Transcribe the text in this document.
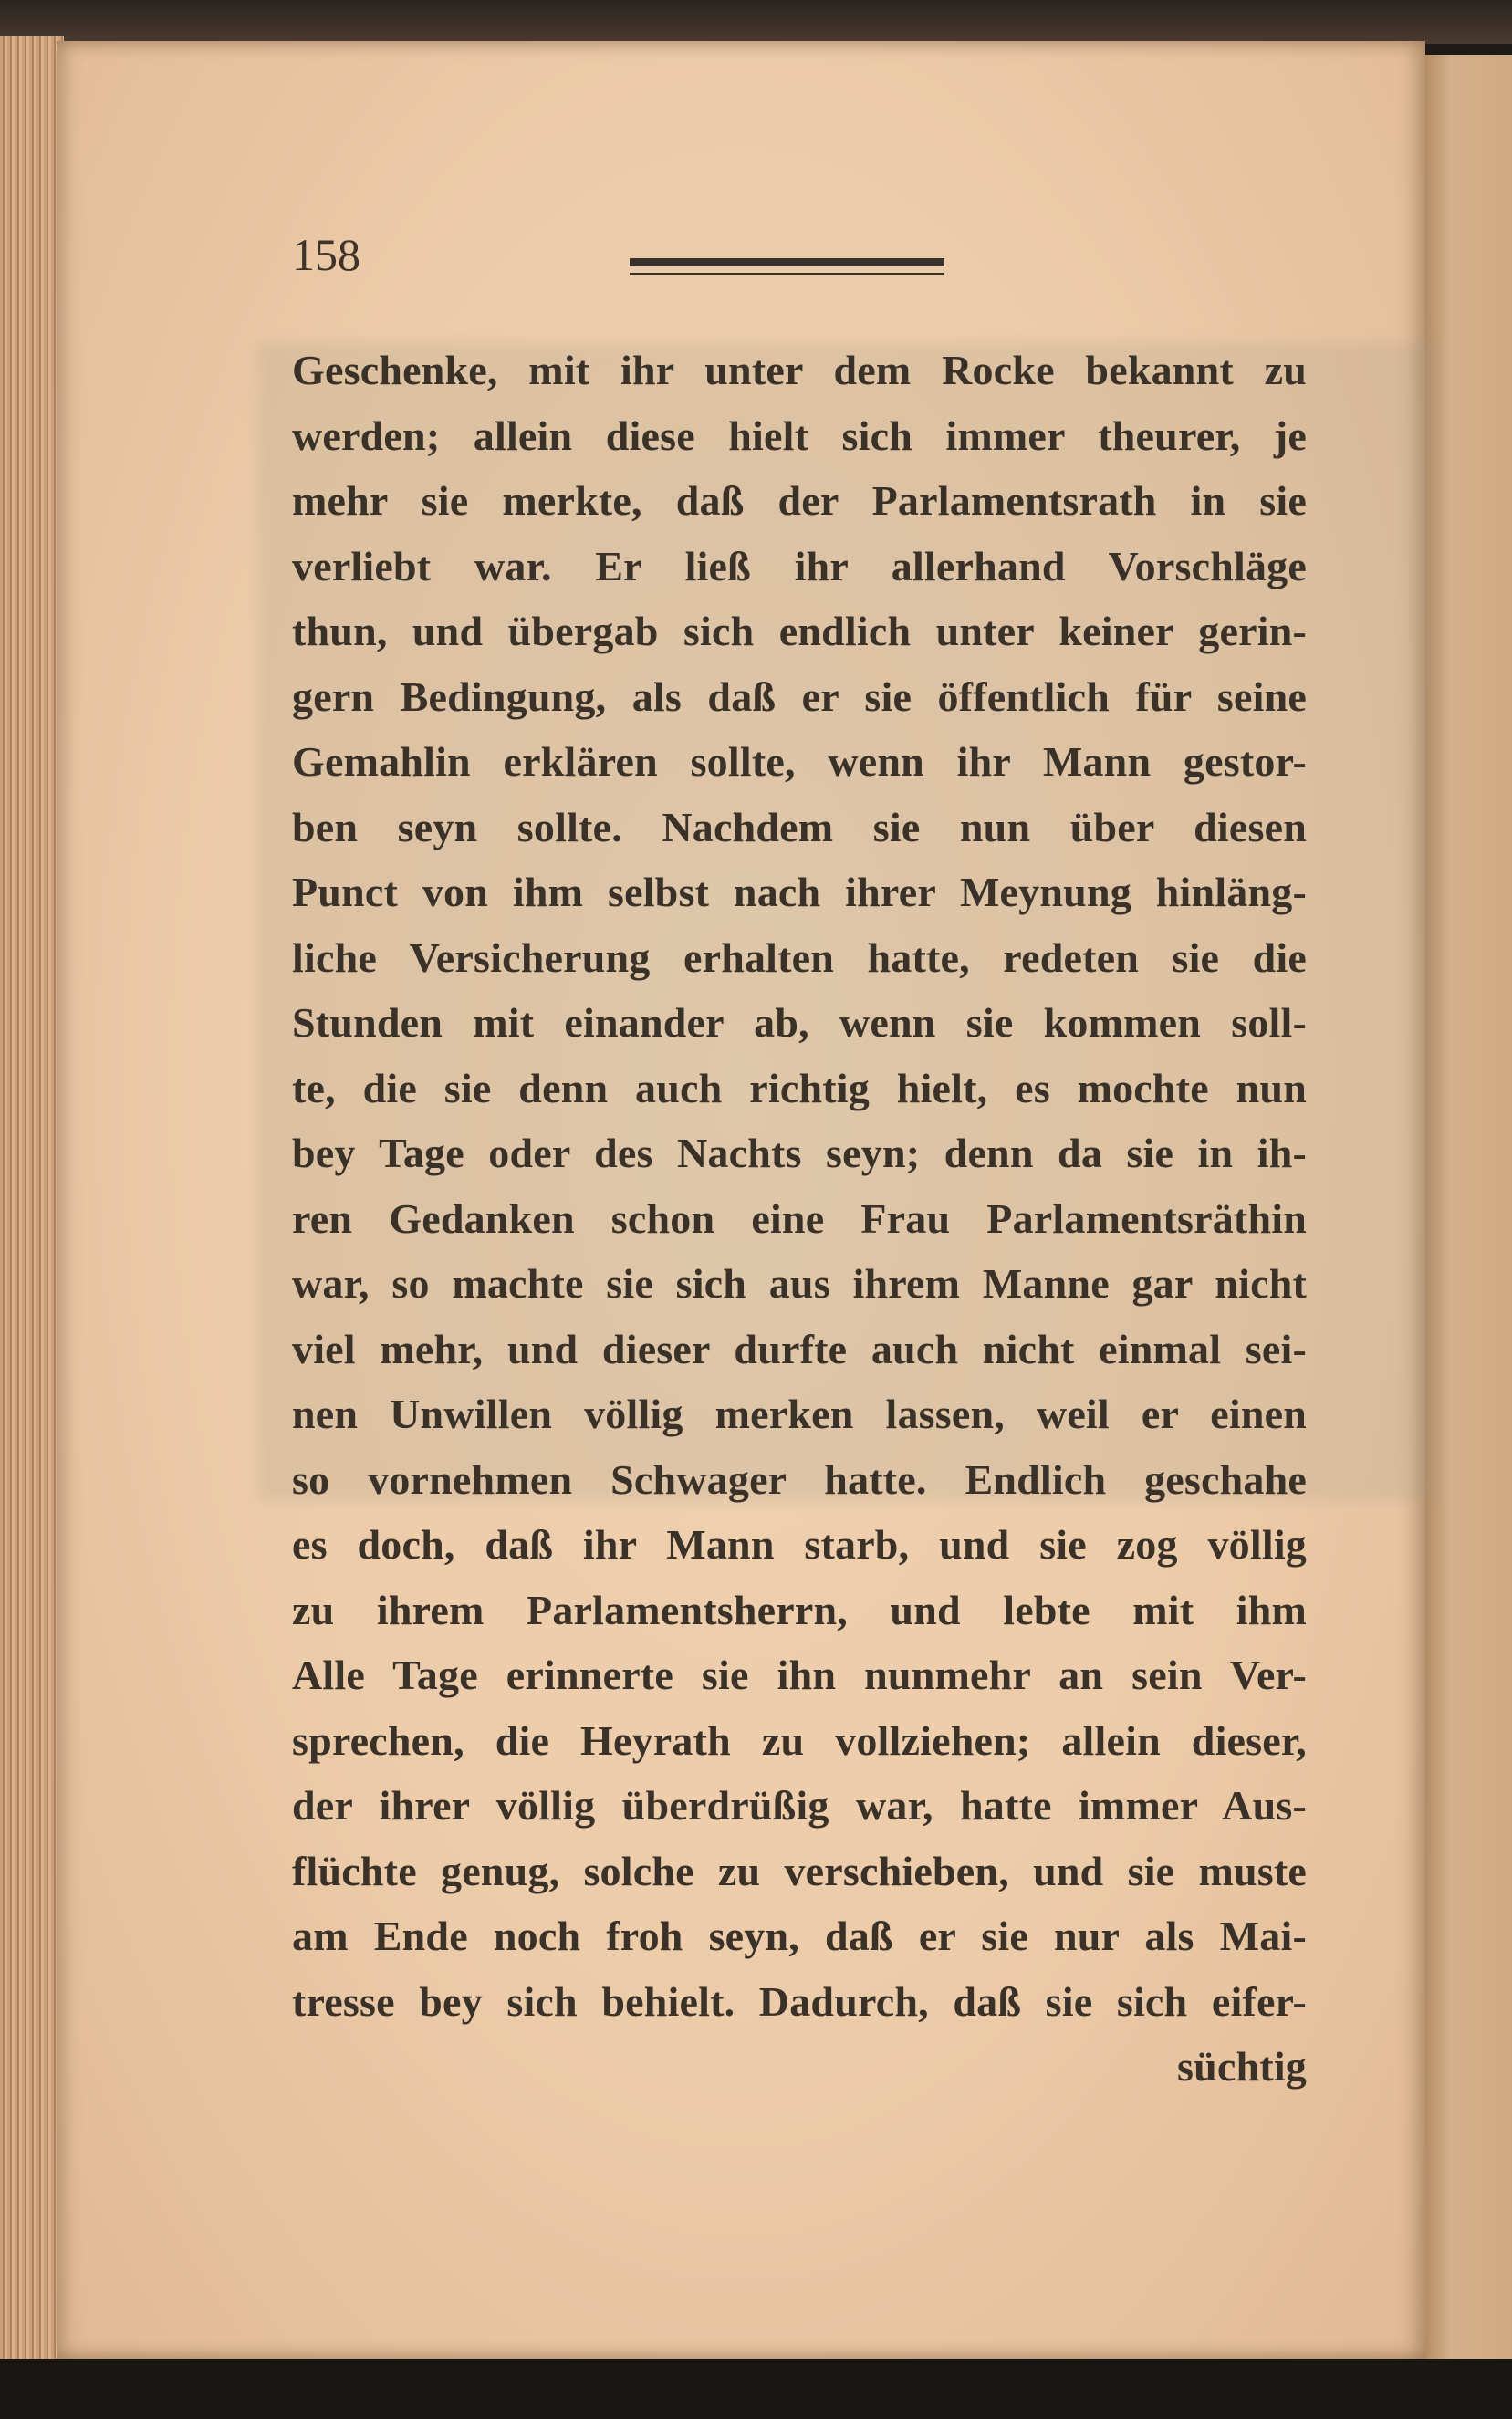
158
Geschenke, mit ihr unter dem Rocke bekannt zu
werden; allein diese hielt sich immer theurer, je
mehr sie merkte, daß der Parlamentsrath in sie
verliebt war. Er ließ ihr allerhand Vorschläge
thun, und übergab sich endlich unter keiner gerin-
gern Bedingung, als daß er sie öffentlich für seine
Gemahlin erklären sollte, wenn ihr Mann gestor-
ben seyn sollte. Nachdem sie nun über diesen
Punct von ihm selbst nach ihrer Meynung hinläng-
liche Versicherung erhalten hatte, redeten sie die
Stunden mit einander ab, wenn sie kommen soll-
te, die sie denn auch richtig hielt, es mochte nun
bey Tage oder des Nachts seyn; denn da sie in ih-
ren Gedanken schon eine Frau Parlamentsräthin
war, so machte sie sich aus ihrem Manne gar nicht
viel mehr, und dieser durfte auch nicht einmal sei-
nen Unwillen völlig merken lassen, weil er einen
so vornehmen Schwager hatte. Endlich geschahe
es doch, daß ihr Mann starb, und sie zog völlig
zu ihrem Parlamentsherrn, und lebte mit ihm
Alle Tage erinnerte sie ihn nunmehr an sein Ver-
sprechen, die Heyrath zu vollziehen; allein dieser,
der ihrer völlig überdrüßig war, hatte immer Aus-
flüchte genug, solche zu verschieben, und sie muste
am Ende noch froh seyn, daß er sie nur als Mai-
tresse bey sich behielt. Dadurch, daß sie sich eifer-
süchtig
